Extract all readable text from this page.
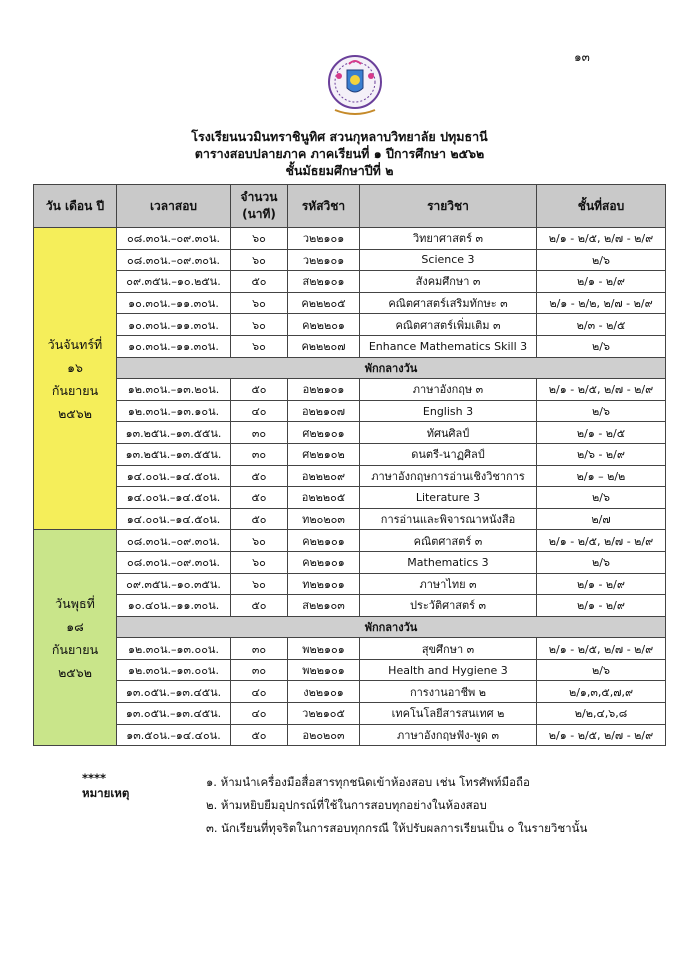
๑๓
โรงเรียนนวมินทราชินูทิศ สวนกุหลาบวิทยาลัย ปทุมธานี
ตารางสอบปลายภาค ภาคเรียนที่ ๑ ปีการศึกษา ๒๕๖๒
ชั้นมัธยมศึกษาปีที่ ๒
วัน เดือน ปี	เวลาสอบ	จำนวน
(นาที)	รหัสวิชา	รายวิชา	ชั้นที่สอบ
วันจันทร์ที่
๑๖
กันยายน
๒๕๖๒	๐๘.๓๐น.–๐๙.๓๐น.	๖๐	ว๒๒๑๐๑	วิทยาศาสตร์ ๓	๒/๑ - ๒/๕, ๒/๗ - ๒/๙
	๐๘.๓๐น.–๐๙.๓๐น.	๖๐	ว๒๒๑๐๑	Science 3	๒/๖
	๐๙.๓๕น.–๑๐.๒๕น.	๕๐	ส๒๒๑๐๑	สังคมศึกษา ๓	๒/๑ - ๒/๙
	๑๐.๓๐น.–๑๑.๓๐น.	๖๐	ค๒๒๒๐๕	คณิตศาสตร์เสริมทักษะ ๓	๒/๑ - ๒/๒, ๒/๗ - ๒/๙
	๑๐.๓๐น.–๑๑.๓๐น.	๖๐	ค๒๒๒๐๑	คณิตศาสตร์เพิ่มเติม ๓	๒/๓ - ๒/๕
	๑๐.๓๐น.–๑๑.๓๐น.	๖๐	ค๒๒๒๐๗	Enhance Mathematics Skill 3	๒/๖
	พักกลางวัน				
	๑๒.๓๐น.–๑๓.๒๐น.	๕๐	อ๒๒๑๐๑	ภาษาอังกฤษ ๓	๒/๑ - ๒/๕, ๒/๗ - ๒/๙
	๑๒.๓๐น.–๑๓.๑๐น.	๔๐	อ๒๒๑๐๗	English 3	๒/๖
	๑๓.๒๕น.–๑๓.๕๕น.	๓๐	ศ๒๒๑๐๑	ทัศนศิลป์	๒/๑ - ๒/๕
	๑๓.๒๕น.–๑๓.๕๕น.	๓๐	ศ๒๒๑๐๒	ดนตรี-นาฏศิลป์	๒/๖ - ๒/๙
	๑๔.๐๐น.–๑๔.๕๐น.	๕๐	อ๒๒๒๐๙	ภาษาอังกฤษการอ่านเชิงวิชาการ	๒/๑ – ๒/๒
	๑๔.๐๐น.–๑๔.๕๐น.	๕๐	อ๒๒๒๐๕	Literature 3	๒/๖
	๑๔.๐๐น.–๑๔.๕๐น.	๕๐	ท๒๐๒๐๓	การอ่านและพิจารณาหนังสือ	๒/๗
วันพุธที่
๑๘
กันยายน
๒๕๖๒	๐๘.๓๐น.–๐๙.๓๐น.	๖๐	ค๒๒๑๐๑	คณิตศาสตร์ ๓	๒/๑ - ๒/๕, ๒/๗ - ๒/๙
	๐๘.๓๐น.–๐๙.๓๐น.	๖๐	ค๒๒๑๐๑	Mathematics 3	๒/๖
	๐๙.๓๕น.–๑๐.๓๕น.	๖๐	ท๒๒๑๐๑	ภาษาไทย ๓	๒/๑ - ๒/๙
	๑๐.๔๐น.–๑๑.๓๐น.	๕๐	ส๒๒๑๐๓	ประวัติศาสตร์ ๓	๒/๑ - ๒/๙
	พักกลางวัน				
	๑๒.๓๐น.–๑๓.๐๐น.	๓๐	พ๒๒๑๐๑	สุขศึกษา ๓	๒/๑ - ๒/๕, ๒/๗ - ๒/๙
	๑๒.๓๐น.–๑๓.๐๐น.	๓๐	พ๒๒๑๐๑	Health and Hygiene 3	๒/๖
	๑๓.๐๕น.–๑๓.๔๕น.	๔๐	ง๒๒๑๐๑	การงานอาชีพ ๒	๒/๑,๓,๕,๗,๙
	๑๓.๐๕น.–๑๓.๔๕น.	๔๐	ว๒๒๑๐๕	เทคโนโลยีสารสนเทศ ๒	๒/๒,๔,๖,๘
	๑๓.๕๐น.–๑๔.๔๐น.	๕๐	อ๒๐๒๐๓	ภาษาอังกฤษฟัง-พูด ๓	๒/๑ - ๒/๕, ๒/๗ - ๒/๙
**** หมายเหตุ
๑. ห้ามนำเครื่องมือสื่อสารทุกชนิดเข้าห้องสอบ เช่น โทรศัพท์มือถือ
๒. ห้ามหยิบยืมอุปกรณ์ที่ใช้ในการสอบทุกอย่างในห้องสอบ
๓. นักเรียนที่ทุจริตในการสอบทุกกรณี ให้ปรับผลการเรียนเป็น ๐ ในรายวิชานั้น
